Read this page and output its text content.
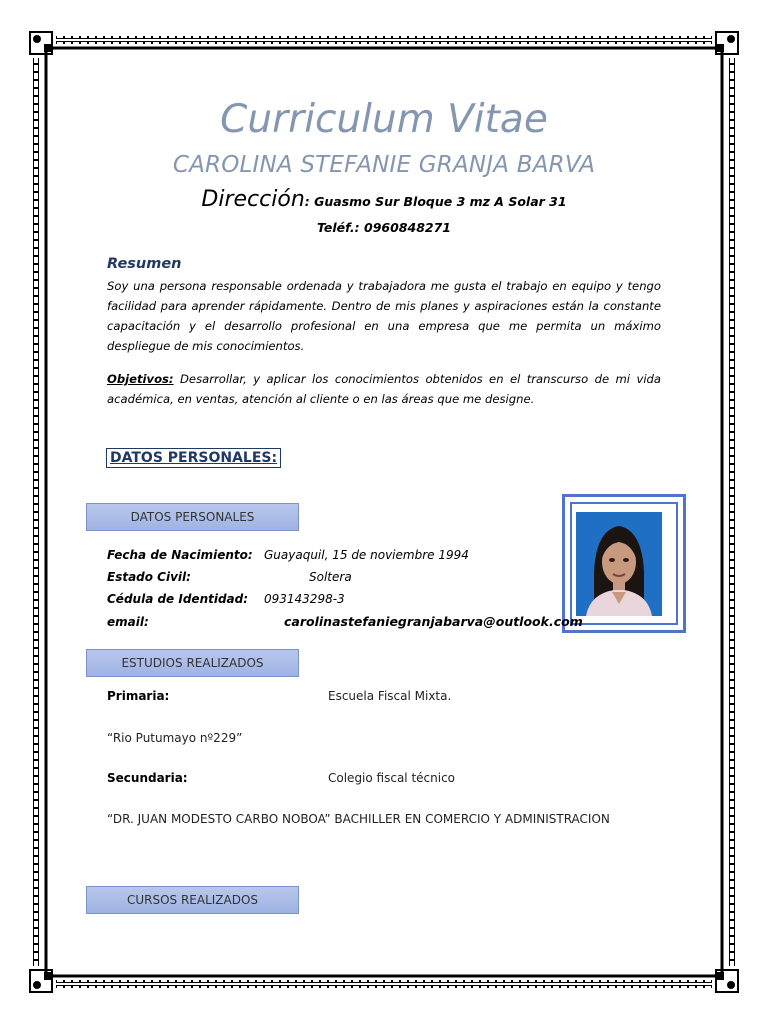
Curriculum Vitae
CAROLINA STEFANIE GRANJA BARVA
Dirección: Guasmo Sur Bloque 3 mz A Solar 31
Teléf.: 0960848271
Resumen
Soy una persona responsable ordenada y trabajadora me gusta el trabajo en equipo y tengo facilidad para aprender rápidamente. Dentro de mis planes y aspiraciones están la constante capacitación y el desarrollo profesional en una empresa que me permita un máximo despliegue de mis conocimientos.
Objetivos: Desarrollar, y aplicar los conocimientos obtenidos en el transcurso de mi vida académica, en ventas, atención al cliente o en las áreas que me designe.
DATOS PERSONALES:
DATOS PERSONALES
Fecha de Nacimiento: Guayaquil, 15 de noviembre 1994
Estado Civil:	Soltera
Cédula de Identidad: 093143298-3
email:	carolinastefaniegranjabarva@outlook.com
ESTUDIOS REALIZADOS
Primaria:	Escuela Fiscal Mixta.
“Rio Putumayo nº229”
Secundaria:	Colegio fiscal técnico
“DR. JUAN MODESTO CARBO NOBOA” BACHILLER EN COMERCIO Y ADMINISTRACION
CURSOS REALIZADOS
